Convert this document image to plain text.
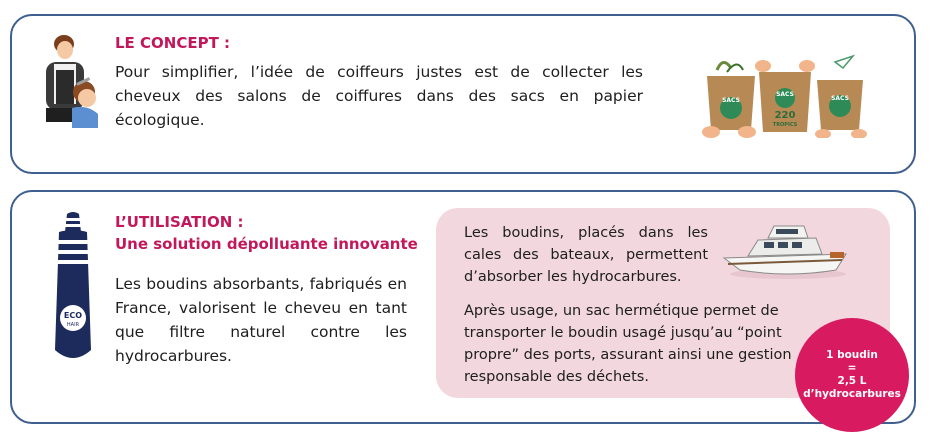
LE CONCEPT :
Pour simplifier, l’idée de coiffeurs justes est de collecter les cheveux des salons de coiffures dans des sacs en papier écologique.
SACS
SACS
220
TROPICS
SACS
ECO
HAIR
L’UTILISATION :
Une solution dépolluante innovante
Les boudins absorbants, fabriqués en France, valorisent le cheveu en tant que filtre naturel contre les hydrocarbures.
Les boudins, placés dans les cales des bateaux, permettent d’absorber les hydrocarbures.
Après usage, un sac hermétique permet de transporter le boudin usagé jusqu’au “point propre” des ports, assurant ainsi une gestion responsable des déchets.
1 boudin
=
2,5 L
d’hydrocarbures
